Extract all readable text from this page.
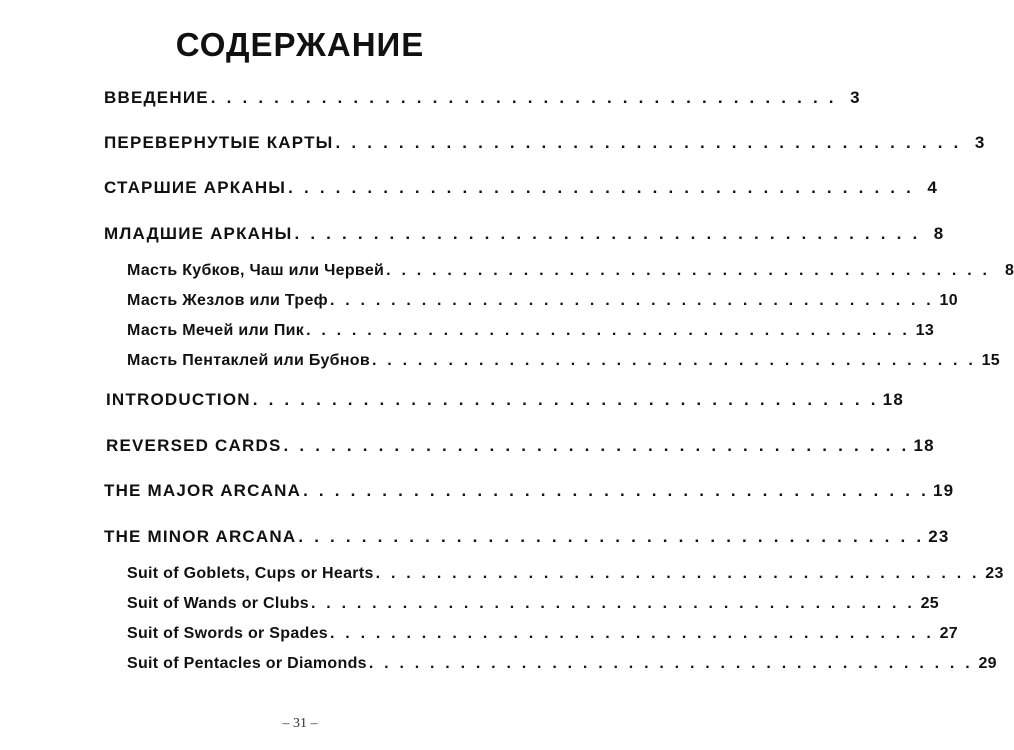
СОДЕРЖАНИЕ
ВВЕДЕНИЕ . . . . . . . . . . . . . . . . . . . . . . . . . . . . . . . . . . . . . . . . 3
ПЕРЕВЕРНУТЫЕ КАРТЫ . . . . . . . . . . . . . . . . . . . . . . . . . . . . . . . . . . . . . . . . 3
СТАРШИЕ АРКАНЫ . . . . . . . . . . . . . . . . . . . . . . . . . . . . . . . . . . . . . . . . 4
МЛАДШИЕ АРКАНЫ . . . . . . . . . . . . . . . . . . . . . . . . . . . . . . . . . . . . . . . . 8
Масть Кубков, Чаш или Червей . . . . . . . . . . . . . . . . . . . . . . . . . . . . . . . . . . . . . . . . 8
Масть Жезлов или Треф . . . . . . . . . . . . . . . . . . . . . . . . . . . . . . . . . . . . . . . . 10
Масть Мечей или Пик . . . . . . . . . . . . . . . . . . . . . . . . . . . . . . . . . . . . . . . . 13
Масть Пентаклей или Бубнов . . . . . . . . . . . . . . . . . . . . . . . . . . . . . . . . . . . . . . . . 15
INTRODUCTION . . . . . . . . . . . . . . . . . . . . . . . . . . . . . . . . . . . . . . . . 18
REVERSED CARDS . . . . . . . . . . . . . . . . . . . . . . . . . . . . . . . . . . . . . . . . 18
THE MAJOR ARCANA . . . . . . . . . . . . . . . . . . . . . . . . . . . . . . . . . . . . . . . . 19
THE MINOR ARCANA . . . . . . . . . . . . . . . . . . . . . . . . . . . . . . . . . . . . . . . . 23
Suit of Goblets, Cups or Hearts . . . . . . . . . . . . . . . . . . . . . . . . . . . . . . . . . . . . . . . . 23
Suit of Wands or Clubs . . . . . . . . . . . . . . . . . . . . . . . . . . . . . . . . . . . . . . . . 25
Suit of Swords or Spades . . . . . . . . . . . . . . . . . . . . . . . . . . . . . . . . . . . . . . . . 27
Suit of Pentacles or Diamonds . . . . . . . . . . . . . . . . . . . . . . . . . . . . . . . . . . . . . . . . 29
– 31 –
